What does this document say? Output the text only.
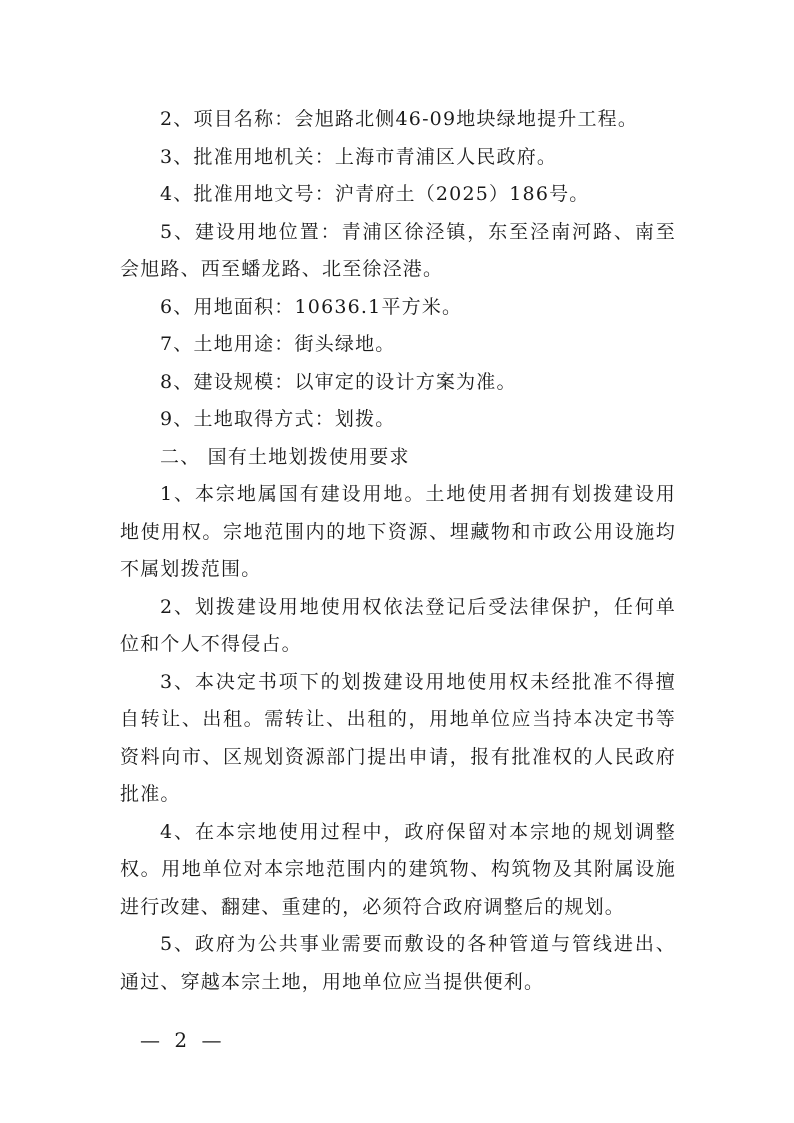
2、项目名称：会旭路北侧46-09地块绿地提升工程。

3、批准用地机关：上海市青浦区人民政府。

4、批准用地文号：沪青府土（2025）186号。

5、建设用地位置：青浦区徐泾镇，东至泾南河路、南至会旭路、西至蟠龙路、北至徐泾港。

6、用地面积：10636.1平方米。

7、土地用途：街头绿地。

8、建设规模：以审定的设计方案为准。

9、土地取得方式：划拨。

二、 国有土地划拨使用要求

1、本宗地属国有建设用地。土地使用者拥有划拨建设用地使用权。宗地范围内的地下资源、埋藏物和市政公用设施均不属划拨范围。

2、划拨建设用地使用权依法登记后受法律保护，任何单位和个人不得侵占。

3、本决定书项下的划拨建设用地使用权未经批准不得擅自转让、出租。需转让、出租的，用地单位应当持本决定书等资料向市、区规划资源部门提出申请，报有批准权的人民政府批准。

4、在本宗地使用过程中，政府保留对本宗地的规划调整权。用地单位对本宗地范围内的建筑物、构筑物及其附属设施进行改建、翻建、重建的，必须符合政府调整后的规划。

5、政府为公共事业需要而敷设的各种管道与管线进出、通过、穿越本宗土地，用地单位应当提供便利。

— 2 —
